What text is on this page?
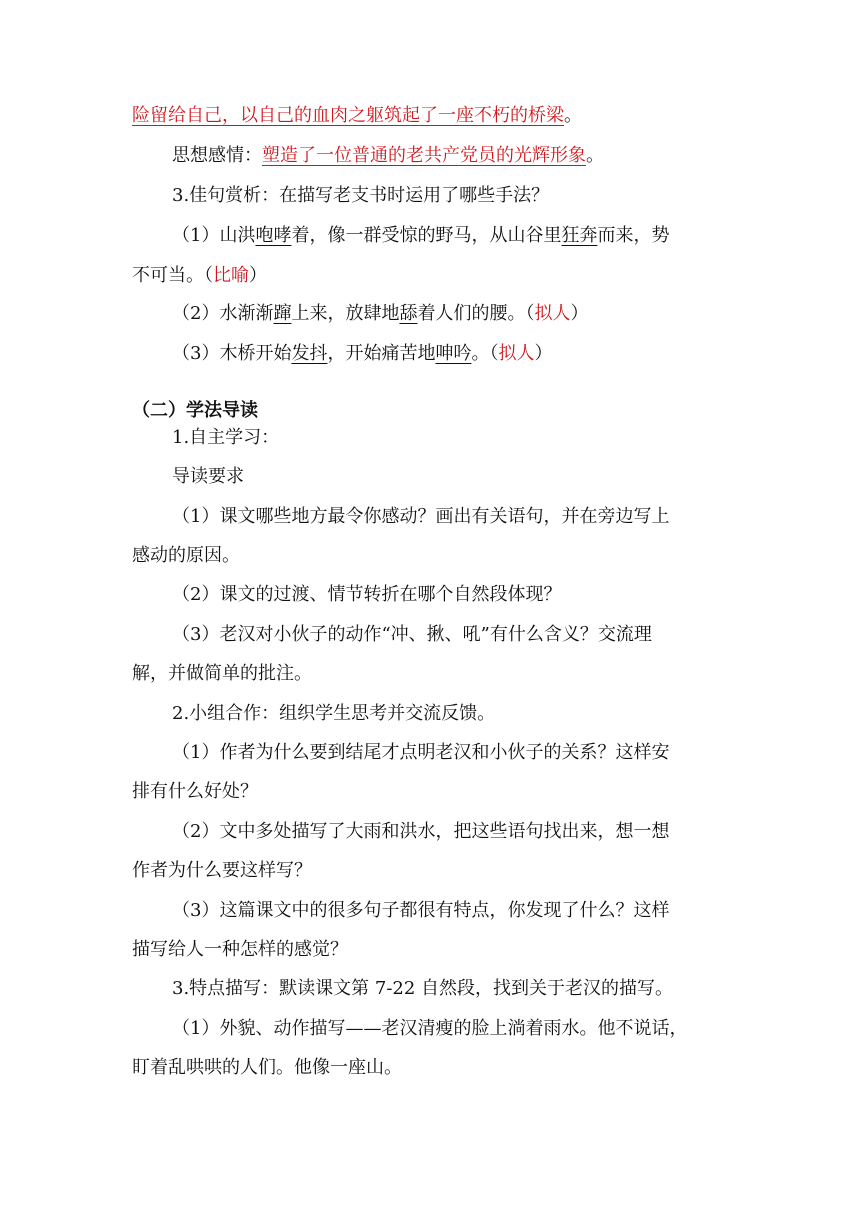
险留给自己，以自己的血肉之躯筑起了一座不朽的桥梁。
思想感情：塑造了一位普通的老共产党员的光辉形象。
3.佳句赏析：在描写老支书时运用了哪些手法？
（1）山洪咆哮着，像一群受惊的野马，从山谷里狂奔而来，势
不可当。（比喻）
（2）水渐渐蹿上来，放肆地舔着人们的腰。（拟人）
（3）木桥开始发抖，开始痛苦地呻吟。（拟人）
（二）学法导读
1.自主学习：
导读要求
（1）课文哪些地方最令你感动？画出有关语句，并在旁边写上
感动的原因。
（2）课文的过渡、情节转折在哪个自然段体现？
（3）老汉对小伙子的动作“冲、揪、吼”有什么含义？交流理
解，并做简单的批注。
2.小组合作：组织学生思考并交流反馈。
（1）作者为什么要到结尾才点明老汉和小伙子的关系？这样安
排有什么好处？
（2）文中多处描写了大雨和洪水，把这些语句找出来，想一想
作者为什么要这样写？
（3）这篇课文中的很多句子都很有特点，你发现了什么？这样
描写给人一种怎样的感觉？
3.特点描写：默读课文第 7-22 自然段，找到关于老汉的描写。
（1）外貌、动作描写——老汉清瘦的脸上淌着雨水。他不说话，
盯着乱哄哄的人们。他像一座山。
